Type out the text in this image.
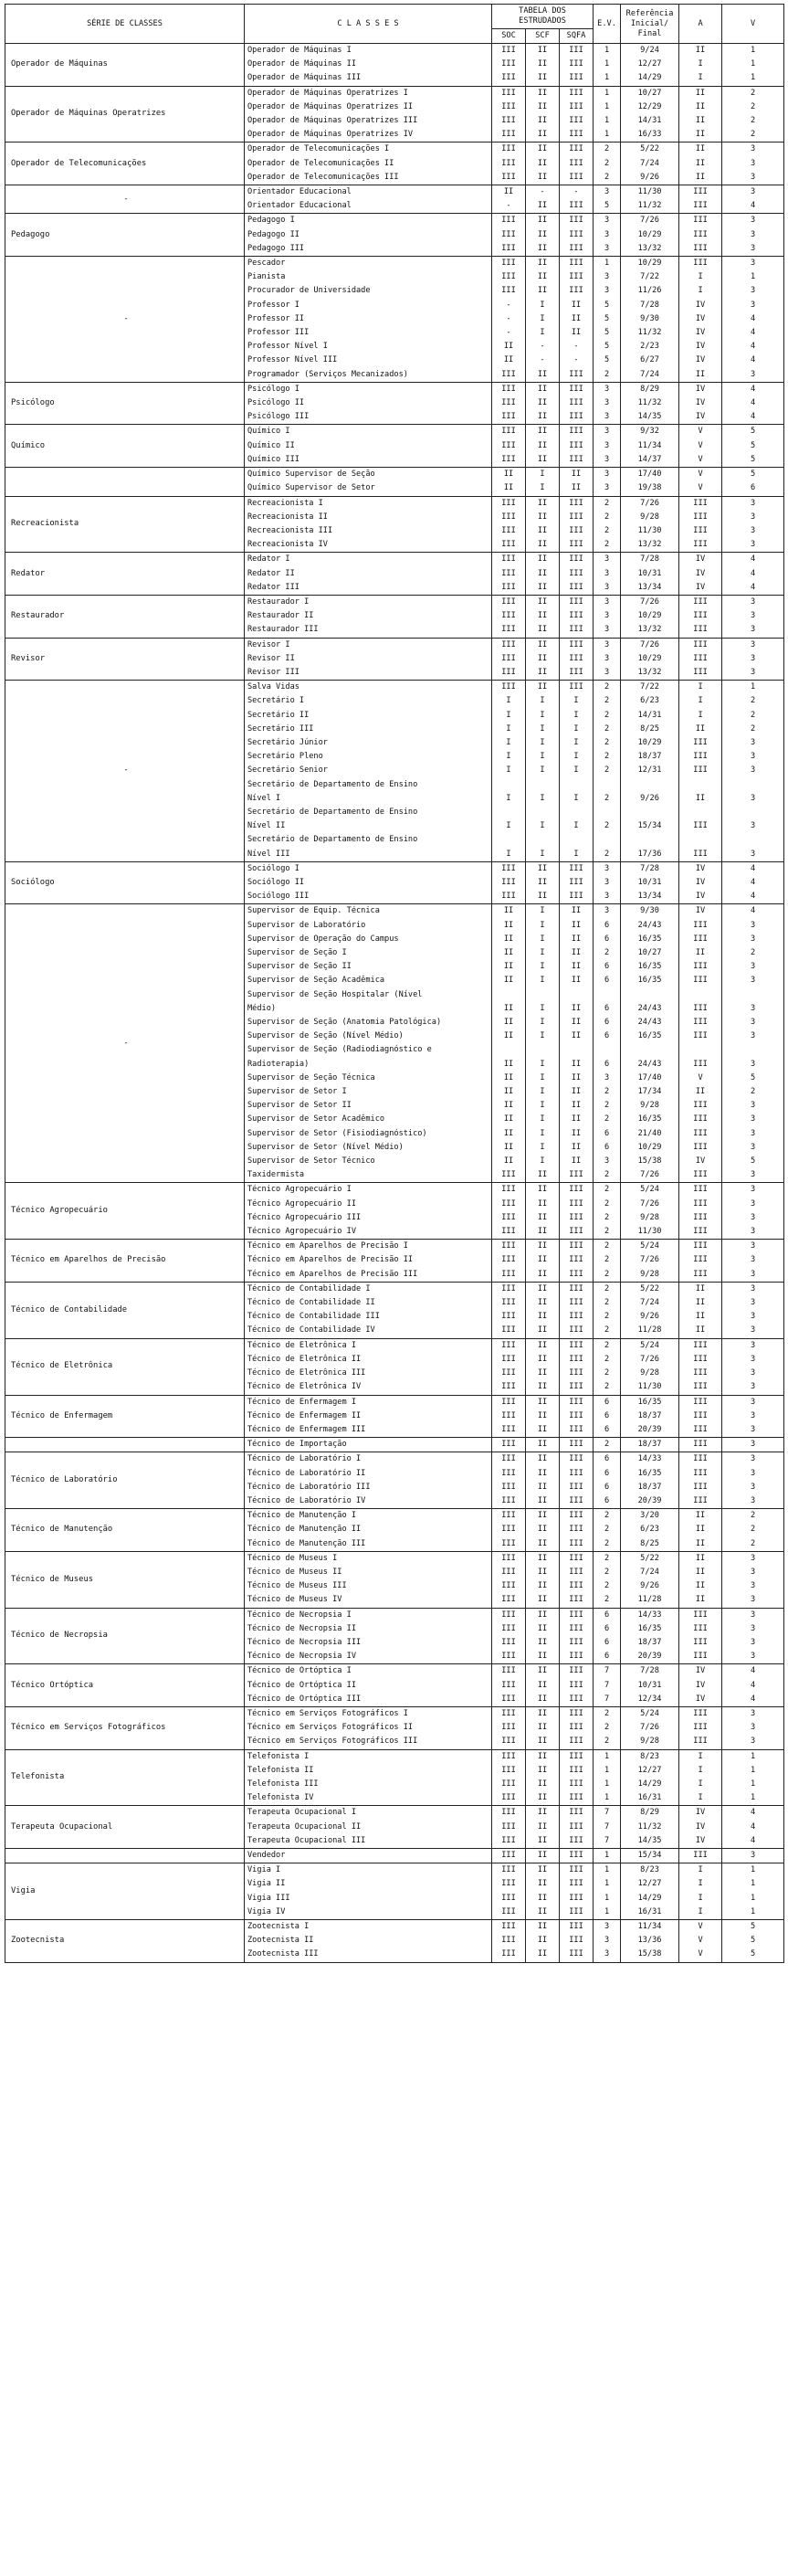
SÉRIE DE CLASSES	C L A S S E S	TABELA DOS ESTRUDADOS			E.V.	Referência Inicial/ Final	A	V
		SOC	SCF	SQFA				
Operador de Máquinas	Operador de Máquinas I	III	II	III	1	9/24	II	1
	Operador de Máquinas II	III	II	III	1	12/27	I	1
	Operador de Máquinas III	III	II	III	1	14/29	I	1
Operador de Máquinas Operatrizes	Operador de Máquinas Operatrizes I	III	II	III	1	10/27	II	2
	Operador de Máquinas Operatrizes II	III	II	III	1	12/29	II	2
	Operador de Máquinas Operatrizes III	III	II	III	1	14/31	II	2
	Operador de Máquinas Operatrizes IV	III	II	III	1	16/33	II	2
Operador de Telecomunicações	Operador de Telecomunicações I	III	II	III	2	5/22	II	3
	Operador de Telecomunicações II	III	II	III	2	7/24	II	3
	Operador de Telecomunicações III	III	II	III	2	9/26	II	3
-	Orientador Educacional	II	-	-	3	11/30	III	3
	Orientador Educacional	-	II	III	5	11/32	III	4
Pedagogo	Pedagogo I	III	II	III	3	7/26	III	3
	Pedagogo II	III	II	III	3	10/29	III	3
	Pedagogo III	III	II	III	3	13/32	III	3
-	Pescador	III	II	III	1	10/29	III	3
	Pianista	III	II	III	3	7/22	I	1
	Procurador de Universidade	III	II	III	3	11/26	I	3
	Professor I	-	I	II	5	7/28	IV	3
	Professor II	-	I	II	5	9/30	IV	4
	Professor III	-	I	II	5	11/32	IV	4
	Professor Nível I	II	-	-	5	2/23	IV	4
	Professor Nível III	II	-	-	5	6/27	IV	4
	Programador (Serviços Mecanizados)	III	II	III	2	7/24	II	3
Psicólogo	Psicólogo I	III	II	III	3	8/29	IV	4
	Psicólogo II	III	II	III	3	11/32	IV	4
	Psicólogo III	III	II	III	3	14/35	IV	4
Químico	Químico I	III	II	III	3	9/32	V	5
	Químico II	III	II	III	3	11/34	V	5
	Químico III	III	II	III	3	14/37	V	5
	Químico Supervisor de Seção	II	I	II	3	17/40	V	5
	Químico Supervisor de Setor	II	I	II	3	19/38	V	6
Recreacionista	Recreacionista I	III	II	III	2	7/26	III	3
	Recreacionista II	III	II	III	2	9/28	III	3
	Recreacionista III	III	II	III	2	11/30	III	3
	Recreacionista IV	III	II	III	2	13/32	III	3
Redator	Redator I	III	II	III	3	7/28	IV	4
	Redator II	III	II	III	3	10/31	IV	4
	Redator III	III	II	III	3	13/34	IV	4
Restaurador	Restaurador I	III	II	III	3	7/26	III	3
	Restaurador II	III	II	III	3	10/29	III	3
	Restaurador III	III	II	III	3	13/32	III	3
Revisor	Revisor I	III	II	III	3	7/26	III	3
	Revisor II	III	II	III	3	10/29	III	3
	Revisor III	III	II	III	3	13/32	III	3
-	Salva Vidas	III	II	III	2	7/22	I	1
	Secretário I	I	I	I	2	6/23	I	2
	Secretário II	I	I	I	2	14/31	I	2
	Secretário III	I	I	I	2	8/25	II	2
	Secretário Júnior	I	I	I	2	10/29	III	3
	Secretário Pleno	I	I	I	2	18/37	III	3
	Secretário Senior	I	I	I	2	12/31	III	3
	Secretário de Departamento de Ensino							
	Nível I	I	I	I	2	9/26	II	3
	Secretário de Departamento de Ensino							
	Nível II	I	I	I	2	15/34	III	3
	Secretário de Departamento de Ensino							
	Nível III	I	I	I	2	17/36	III	3
Sociólogo	Sociólogo I	III	II	III	3	7/28	IV	4
	Sociólogo II	III	II	III	3	10/31	IV	4
	Sociólogo III	III	II	III	3	13/34	IV	4
-	Supervisor de Equip. Técnica	II	I	II	3	9/30	IV	4
	Supervisor de Laboratório	II	I	II	6	24/43	III	3
	Supervisor de Operação do Campus	II	I	II	6	16/35	III	3
	Supervisor de Seção I	II	I	II	2	10/27	II	2
	Supervisor de Seção II	II	I	II	6	16/35	III	3
	Supervisor de Seção Acadêmica	II	I	II	6	16/35	III	3
	Supervisor de Seção Hospitalar (Nível							
	Médio)	II	I	II	6	24/43	III	3
	Supervisor de Seção (Anatomia Patológica)	II	I	II	6	24/43	III	3
	Supervisor de Seção (Nível Médio)	II	I	II	6	16/35	III	3
	Supervisor de Seção (Radiodiagnóstico e							
	Radioterapia)	II	I	II	6	24/43	III	3
	Supervisor de Seção Técnica	II	I	II	3	17/40	V	5
	Supervisor de Setor I	II	I	II	2	17/34	II	2
	Supervisor de Setor II	II	I	II	2	9/28	III	3
	Supervisor de Setor Acadêmico	II	I	II	2	16/35	III	3
	Supervisor de Setor (Fisiodiagnóstico)	II	I	II	6	21/40	III	3
	Supervisor de Setor (Nível Médio)	II	I	II	6	10/29	III	3
	Supervisor de Setor Técnico	II	I	II	3	15/38	IV	5
	Taxidermista	III	II	III	2	7/26	III	3
Técnico Agropecuário	Técnico Agropecuário I	III	II	III	2	5/24	III	3
	Técnico Agropecuário II	III	II	III	2	7/26	III	3
	Técnico Agropecuário III	III	II	III	2	9/28	III	3
	Técnico Agropecuário IV	III	II	III	2	11/30	III	3
Técnico em Aparelhos de Precisão	Técnico em Aparelhos de Precisão I	III	II	III	2	5/24	III	3
	Técnico em Aparelhos de Precisão II	III	II	III	2	7/26	III	3
	Técnico em Aparelhos de Precisão III	III	II	III	2	9/28	III	3
Técnico de Contabilidade	Técnico de Contabilidade I	III	II	III	2	5/22	II	3
	Técnico de Contabilidade II	III	II	III	2	7/24	II	3
	Técnico de Contabilidade III	III	II	III	2	9/26	II	3
	Técnico de Contabilidade IV	III	II	III	2	11/28	II	3
Técnico de Eletrônica	Técnico de Eletrônica I	III	II	III	2	5/24	III	3
	Técnico de Eletrônica II	III	II	III	2	7/26	III	3
	Técnico de Eletrônica III	III	II	III	2	9/28	III	3
	Técnico de Eletrônica IV	III	II	III	2	11/30	III	3
Técnico de Enfermagem	Técnico de Enfermagem I	III	II	III	6	16/35	III	3
	Técnico de Enfermagem II	III	II	III	6	18/37	III	3
	Técnico de Enfermagem III	III	II	III	6	20/39	III	3
	Técnico de Importação	III	II	III	2	18/37	III	3
Técnico de Laboratório	Técnico de Laboratório I	III	II	III	6	14/33	III	3
	Técnico de Laboratório II	III	II	III	6	16/35	III	3
	Técnico de Laboratório III	III	II	III	6	18/37	III	3
	Técnico de Laboratório IV	III	II	III	6	20/39	III	3
Técnico de Manutenção	Técnico de Manutenção I	III	II	III	2	3/20	II	2
	Técnico de Manutenção II	III	II	III	2	6/23	II	2
	Técnico de Manutenção III	III	II	III	2	8/25	II	2
Técnico de Museus	Técnico de Museus I	III	II	III	2	5/22	II	3
	Técnico de Museus II	III	II	III	2	7/24	II	3
	Técnico de Museus III	III	II	III	2	9/26	II	3
	Técnico de Museus IV	III	II	III	2	11/28	II	3
Técnico de Necropsia	Técnico de Necropsia I	III	II	III	6	14/33	III	3
	Técnico de Necropsia II	III	II	III	6	16/35	III	3
	Técnico de Necropsia III	III	II	III	6	18/37	III	3
	Técnico de Necropsia IV	III	II	III	6	20/39	III	3
Técnico Ortóptica	Técnico de Ortóptica I	III	II	III	7	7/28	IV	4
	Técnico de Ortóptica II	III	II	III	7	10/31	IV	4
	Técnico de Ortóptica III	III	II	III	7	12/34	IV	4
Técnico em Serviços Fotográficos	Técnico em Serviços Fotográficos I	III	II	III	2	5/24	III	3
	Técnico em Serviços Fotográficos II	III	II	III	2	7/26	III	3
	Técnico em Serviços Fotográficos III	III	II	III	2	9/28	III	3
Telefonista	Telefonista I	III	II	III	1	8/23	I	1
	Telefonista II	III	II	III	1	12/27	I	1
	Telefonista III	III	II	III	1	14/29	I	1
	Telefonista IV	III	II	III	1	16/31	I	1
Terapeuta Ocupacional	Terapeuta Ocupacional I	III	II	III	7	8/29	IV	4
	Terapeuta Ocupacional II	III	II	III	7	11/32	IV	4
	Terapeuta Ocupacional III	III	II	III	7	14/35	IV	4
	Vendedor	III	II	III	1	15/34	III	3
Vigia	Vigia I	III	II	III	1	8/23	I	1
	Vigia II	III	II	III	1	12/27	I	1
	Vigia III	III	II	III	1	14/29	I	1
	Vigia IV	III	II	III	1	16/31	I	1
Zootecnista	Zootecnista I	III	II	III	3	11/34	V	5
	Zootecnista II	III	II	III	3	13/36	V	5
	Zootecnista III	III	II	III	3	15/38	V	5
